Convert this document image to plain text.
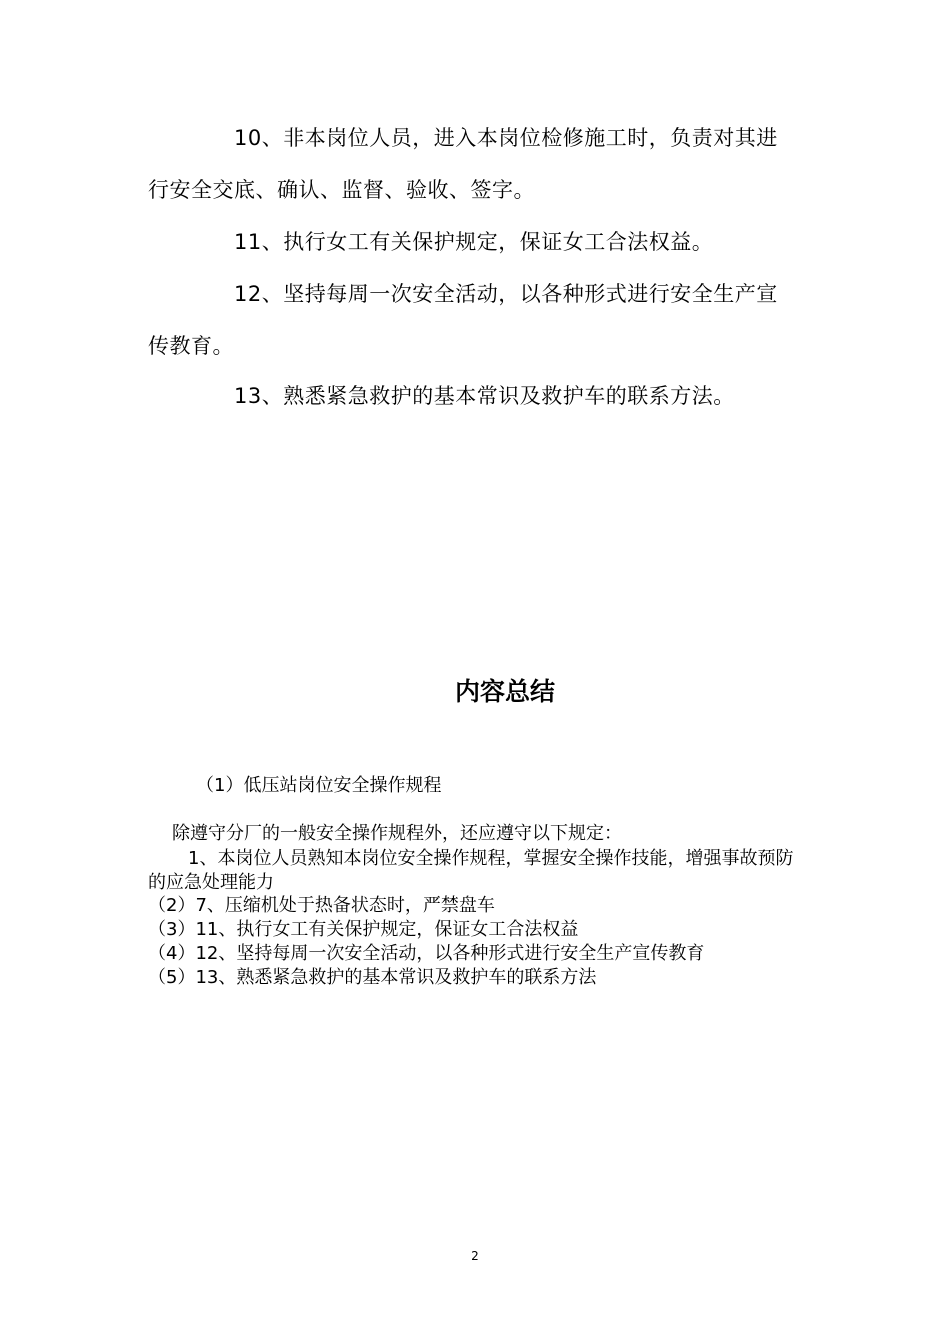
10、非本岗位人员，进入本岗位检修施工时，负责对其进行安全交底、确认、监督、验收、签字。

11、执行女工有关保护规定，保证女工合法权益。

12、坚持每周一次安全活动，以各种形式进行安全生产宣传教育。

13、熟悉紧急救护的基本常识及救护车的联系方法。

内容总结

（1）低压站岗位安全操作规程

除遵守分厂的一般安全操作规程外，还应遵守以下规定：

1、本岗位人员熟知本岗位安全操作规程，掌握安全操作技能，增强事故预防的应急处理能力

（2）7、压缩机处于热备状态时，严禁盘车

（3）11、执行女工有关保护规定，保证女工合法权益

（4）12、坚持每周一次安全活动，以各种形式进行安全生产宣传教育

（5）13、熟悉紧急救护的基本常识及救护车的联系方法

2
